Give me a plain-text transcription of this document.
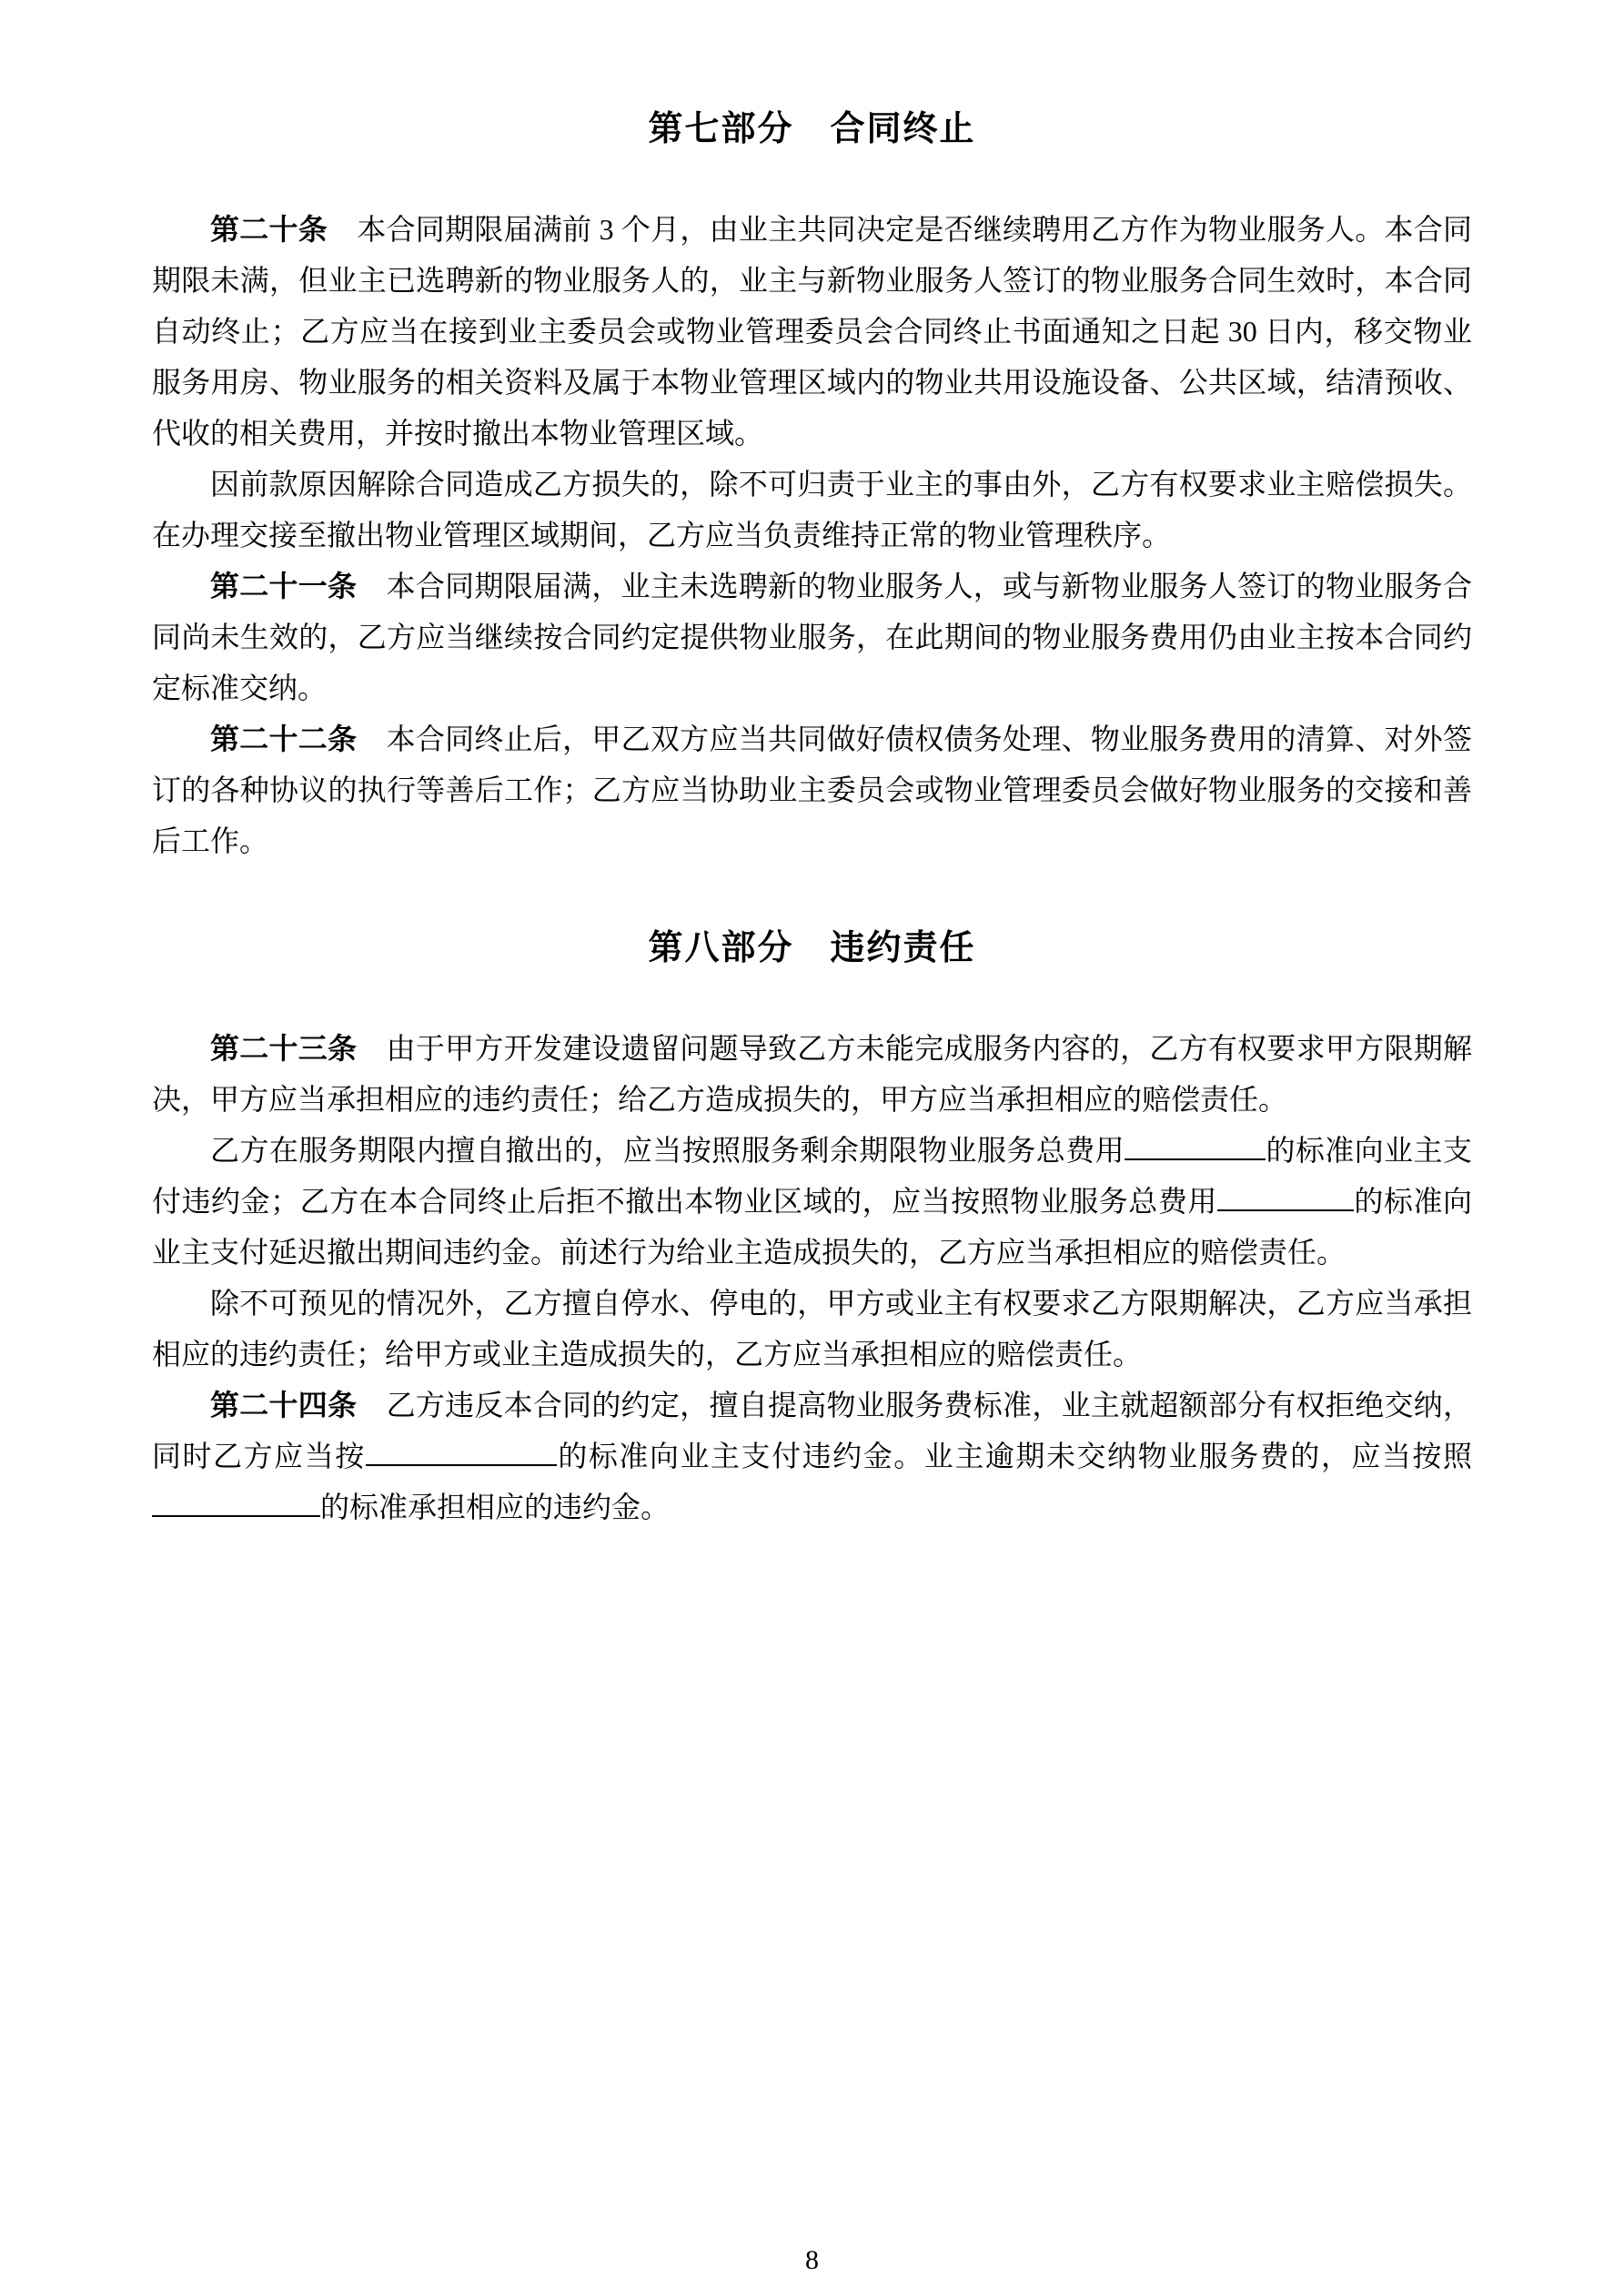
第七部分　合同终止

第二十条　本合同期限届满前 3 个月，由业主共同决定是否继续聘用乙方作为物业服务人。本合同期限未满，但业主已选聘新的物业服务人的，业主与新物业服务人签订的物业服务合同生效时，本合同自动终止；乙方应当在接到业主委员会或物业管理委员会合同终止书面通知之日起 30 日内，移交物业服务用房、物业服务的相关资料及属于本物业管理区域内的物业共用设施设备、公共区域，结清预收、代收的相关费用，并按时撤出本物业管理区域。

因前款原因解除合同造成乙方损失的，除不可归责于业主的事由外，乙方有权要求业主赔偿损失。在办理交接至撤出物业管理区域期间，乙方应当负责维持正常的物业管理秩序。

第二十一条　本合同期限届满，业主未选聘新的物业服务人，或与新物业服务人签订的物业服务合同尚未生效的，乙方应当继续按合同约定提供物业服务，在此期间的物业服务费用仍由业主按本合同约定标准交纳。

第二十二条　本合同终止后，甲乙双方应当共同做好债权债务处理、物业服务费用的清算、对外签订的各种协议的执行等善后工作；乙方应当协助业主委员会或物业管理委员会做好物业服务的交接和善后工作。

第八部分　违约责任

第二十三条　由于甲方开发建设遗留问题导致乙方未能完成服务内容的，乙方有权要求甲方限期解决，甲方应当承担相应的违约责任；给乙方造成损失的，甲方应当承担相应的赔偿责任。

乙方在服务期限内擅自撤出的，应当按照服务剩余期限物业服务总费用	的标准向业主支付违约金；乙方在本合同终止后拒不撤出本物业区域的，应当按照物业服务总费用	的标准向业主支付延迟撤出期间违约金。前述行为给业主造成损失的，乙方应当承担相应的赔偿责任。

除不可预见的情况外，乙方擅自停水、停电的，甲方或业主有权要求乙方限期解决，乙方应当承担相应的违约责任；给甲方或业主造成损失的，乙方应当承担相应的赔偿责任。

第二十四条　乙方违反本合同的约定，擅自提高物业服务费标准，业主就超额部分有权拒绝交纳，同时乙方应当按	的标准向业主支付违约金。业主逾期未交纳物业服务费的，应当按照 的标准承担相应的违约金。

8
